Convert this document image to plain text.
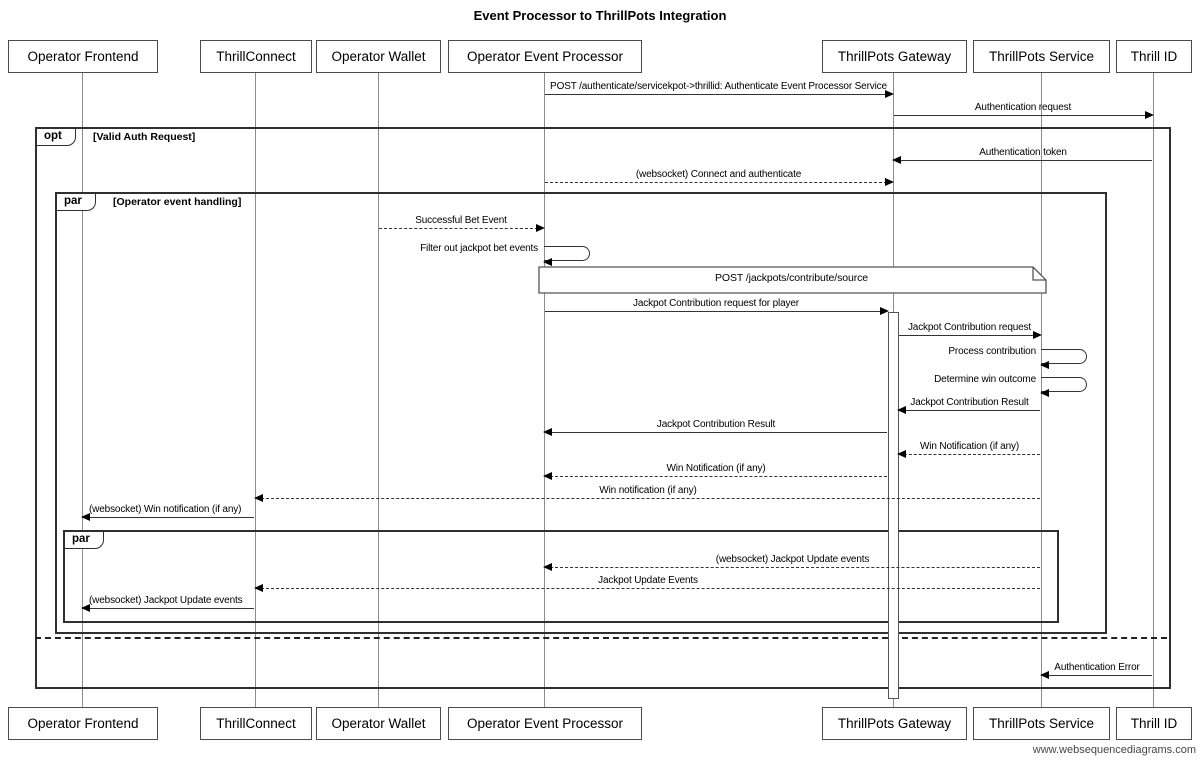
Event Processor to ThrillPots Integration
opt	[Valid Auth Request]
par	[Operator event handling]
par
POST /authenticate/servicekpot->thrillid: Authenticate Event Processor Service
Authentication request
Authentication token
(websocket) Connect and authenticate
Successful Bet Event
Filter out jackpot bet events
POST /jackpots/contribute/source
Jackpot Contribution request for player
Jackpot Contribution request
Process contribution
Determine win outcome
Jackpot Contribution Result
Jackpot Contribution Result
Win Notification (if any)
Win Notification (if any)
Win notification (if any)
(websocket) Win notification (if any)
(websocket) Jackpot Update events
Jackpot Update Events
(websocket) Jackpot Update events
Authentication Error
Operator Frontend	ThrillConnect	Operator Wallet	Operator Event Processor	ThrillPots Gateway	ThrillPots Service	Thrill ID
Operator Frontend	ThrillConnect	Operator Wallet	Operator Event Processor	ThrillPots Gateway	ThrillPots Service	Thrill ID
www.websequencediagrams.com
